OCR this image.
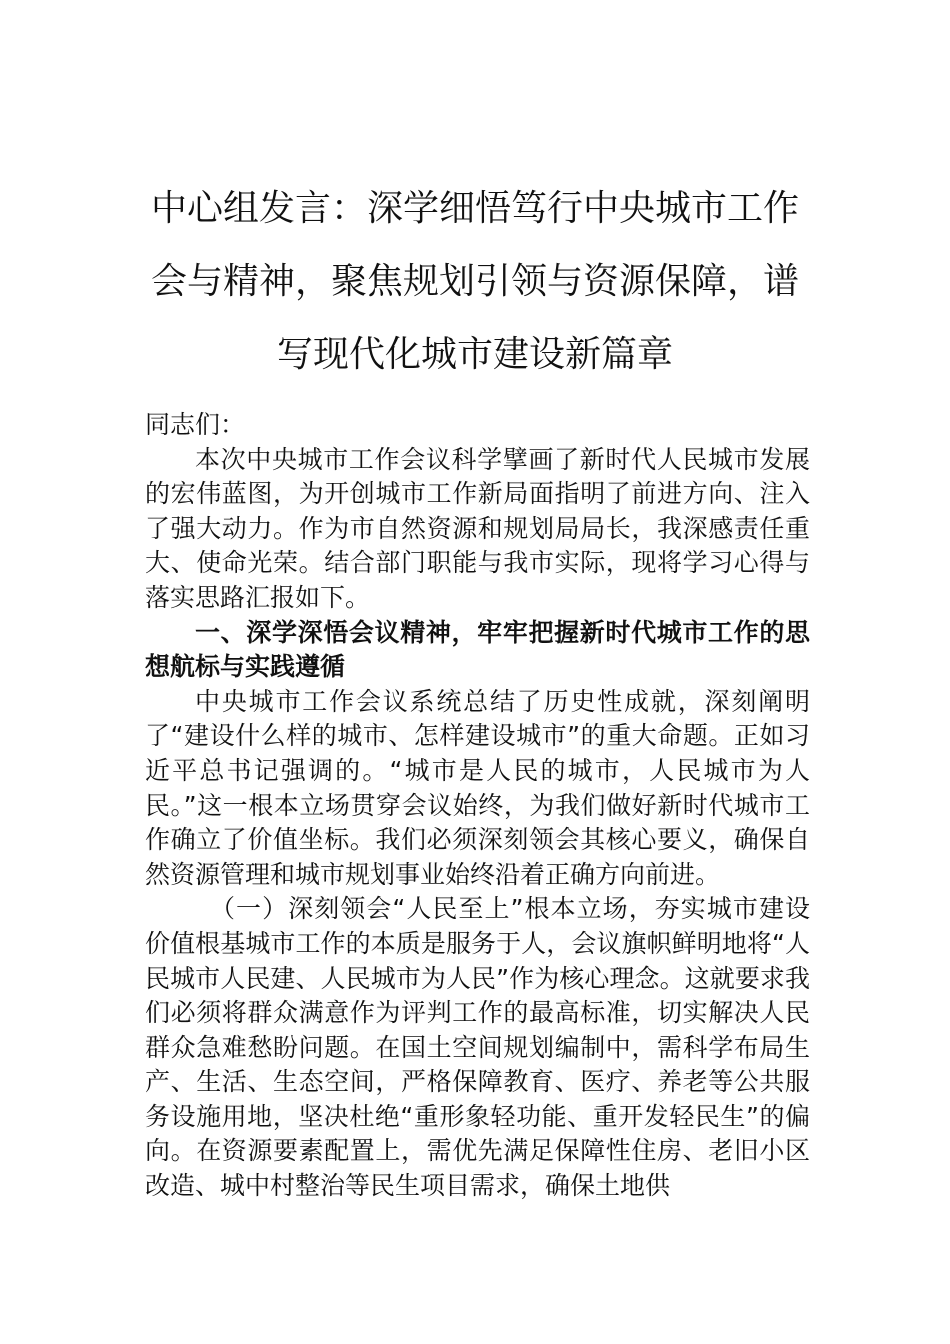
中心组发言：深学细悟笃行中央城市工作
会与精神，聚焦规划引领与资源保障，谱
写现代化城市建设新篇章

同志们：

本次中央城市工作会议科学擘画了新时代人民城市发展的宏伟蓝图，为开创城市工作新局面指明了前进方向、注入了强大动力。作为市自然资源和规划局局长，我深感责任重大、使命光荣。结合部门职能与我市实际，现将学习心得与落实思路汇报如下。

一、深学深悟会议精神，牢牢把握新时代城市工作的思想航标与实践遵循

中央城市工作会议系统总结了历史性成就，深刻阐明了“建设什么样的城市、怎样建设城市”的重大命题。正如习近平总书记强调的。“城市是人民的城市，人民城市为人民。”这一根本立场贯穿会议始终，为我们做好新时代城市工作确立了价值坐标。我们必须深刻领会其核心要义，确保自然资源管理和城市规划事业始终沿着正确方向前进。

（一）深刻领会“人民至上”根本立场，夯实城市建设价值根基城市工作的本质是服务于人，会议旗帜鲜明地将“人民城市人民建、人民城市为人民”作为核心理念。这就要求我们必须将群众满意作为评判工作的最高标准，切实解决人民群众急难愁盼问题。在国土空间规划编制中，需科学布局生产、生活、生态空间，严格保障教育、医疗、养老等公共服务设施用地，坚决杜绝“重形象轻功能、重开发轻民生”的偏向。在资源要素配置上，需优先满足保障性住房、老旧小区改造、城中村整治等民生项目需求，确保土地供
